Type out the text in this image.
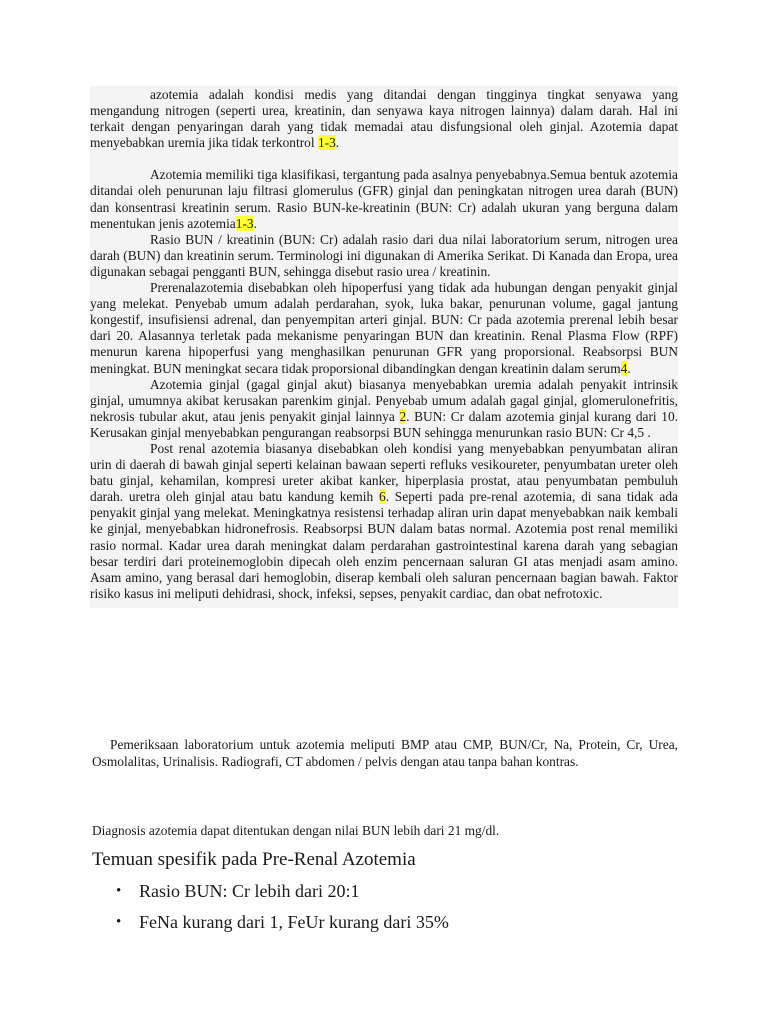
azotemia adalah kondisi medis yang ditandai dengan tingginya tingkat senyawa yang mengandung nitrogen (seperti urea, kreatinin, dan senyawa kaya nitrogen lainnya) dalam darah. Hal ini terkait dengan penyaringan darah yang tidak memadai atau disfungsional oleh ginjal. Azotemia dapat menyebabkan uremia jika tidak terkontrol 1-3.

Azotemia memiliki tiga klasifikasi, tergantung pada asalnya penyebabnya.Semua bentuk azotemia ditandai oleh penurunan laju filtrasi glomerulus (GFR) ginjal dan peningkatan nitrogen urea darah (BUN) dan konsentrasi kreatinin serum. Rasio BUN-ke-kreatinin (BUN: Cr) adalah ukuran yang berguna dalam menentukan jenis azotemia1-3.

Rasio BUN / kreatinin (BUN: Cr) adalah rasio dari dua nilai laboratorium serum, nitrogen urea darah (BUN) dan kreatinin serum. Terminologi ini digunakan di Amerika Serikat. Di Kanada dan Eropa, urea digunakan sebagai pengganti BUN, sehingga disebut rasio urea / kreatinin.

Prerenalazotemia disebabkan oleh hipoperfusi yang tidak ada hubungan dengan penyakit ginjal yang melekat. Penyebab umum adalah perdarahan, syok, luka bakar, penurunan volume, gagal jantung kongestif, insufisiensi adrenal, dan penyempitan arteri ginjal. BUN: Cr pada azotemia prerenal lebih besar dari 20. Alasannya terletak pada mekanisme penyaringan BUN dan kreatinin. Renal Plasma Flow (RPF) menurun karena hipoperfusi yang menghasilkan penurunan GFR yang proporsional. Reabsorpsi BUN meningkat. BUN meningkat secara tidak proporsional dibandingkan dengan kreatinin dalam serum4.

Azotemia ginjal (gagal ginjal akut) biasanya menyebabkan uremia adalah penyakit intrinsik ginjal, umumnya akibat kerusakan parenkim ginjal. Penyebab umum adalah gagal ginjal, glomerulonefritis, nekrosis tubular akut, atau jenis penyakit ginjal lainnya 2. BUN: Cr dalam azotemia ginjal kurang dari 10. Kerusakan ginjal menyebabkan pengurangan reabsorpsi BUN sehingga menurunkan rasio BUN: Cr 4,5 .

Post renal azotemia biasanya disebabkan oleh kondisi yang menyebabkan penyumbatan aliran urin di daerah di bawah ginjal seperti kelainan bawaan seperti refluks vesikoureter, penyumbatan ureter oleh batu ginjal, kehamilan, kompresi ureter akibat kanker, hiperplasia prostat, atau penyumbatan pembuluh darah. uretra oleh ginjal atau batu kandung kemih 6. Seperti pada pre-renal azotemia, di sana tidak ada penyakit ginjal yang melekat. Meningkatnya resistensi terhadap aliran urin dapat menyebabkan naik kembali ke ginjal, menyebabkan hidronefrosis. Reabsorpsi BUN dalam batas normal. Azotemia post renal memiliki rasio normal. Kadar urea darah meningkat dalam perdarahan gastrointestinal karena darah yang sebagian besar terdiri dari proteinemoglobin dipecah oleh enzim pencernaan saluran GI atas menjadi asam amino. Asam amino, yang berasal dari hemoglobin, diserap kembali oleh saluran pencernaan bagian bawah. Faktor risiko kasus ini meliputi dehidrasi, shock, infeksi, sepses, penyakit cardiac, dan obat nefrotoxic.

Pemeriksaan laboratorium untuk azotemia meliputi BMP atau CMP, BUN/Cr, Na, Protein, Cr, Urea, Osmolalitas, Urinalisis. Radiografi, CT abdomen / pelvis dengan atau tanpa bahan kontras.

Diagnosis azotemia dapat ditentukan dengan nilai BUN lebih dari 21 mg/dl.

Temuan spesifik pada Pre-Renal Azotemia
• Rasio BUN: Cr lebih dari 20:1
• FeNa kurang dari 1, FeUr kurang dari 35%
